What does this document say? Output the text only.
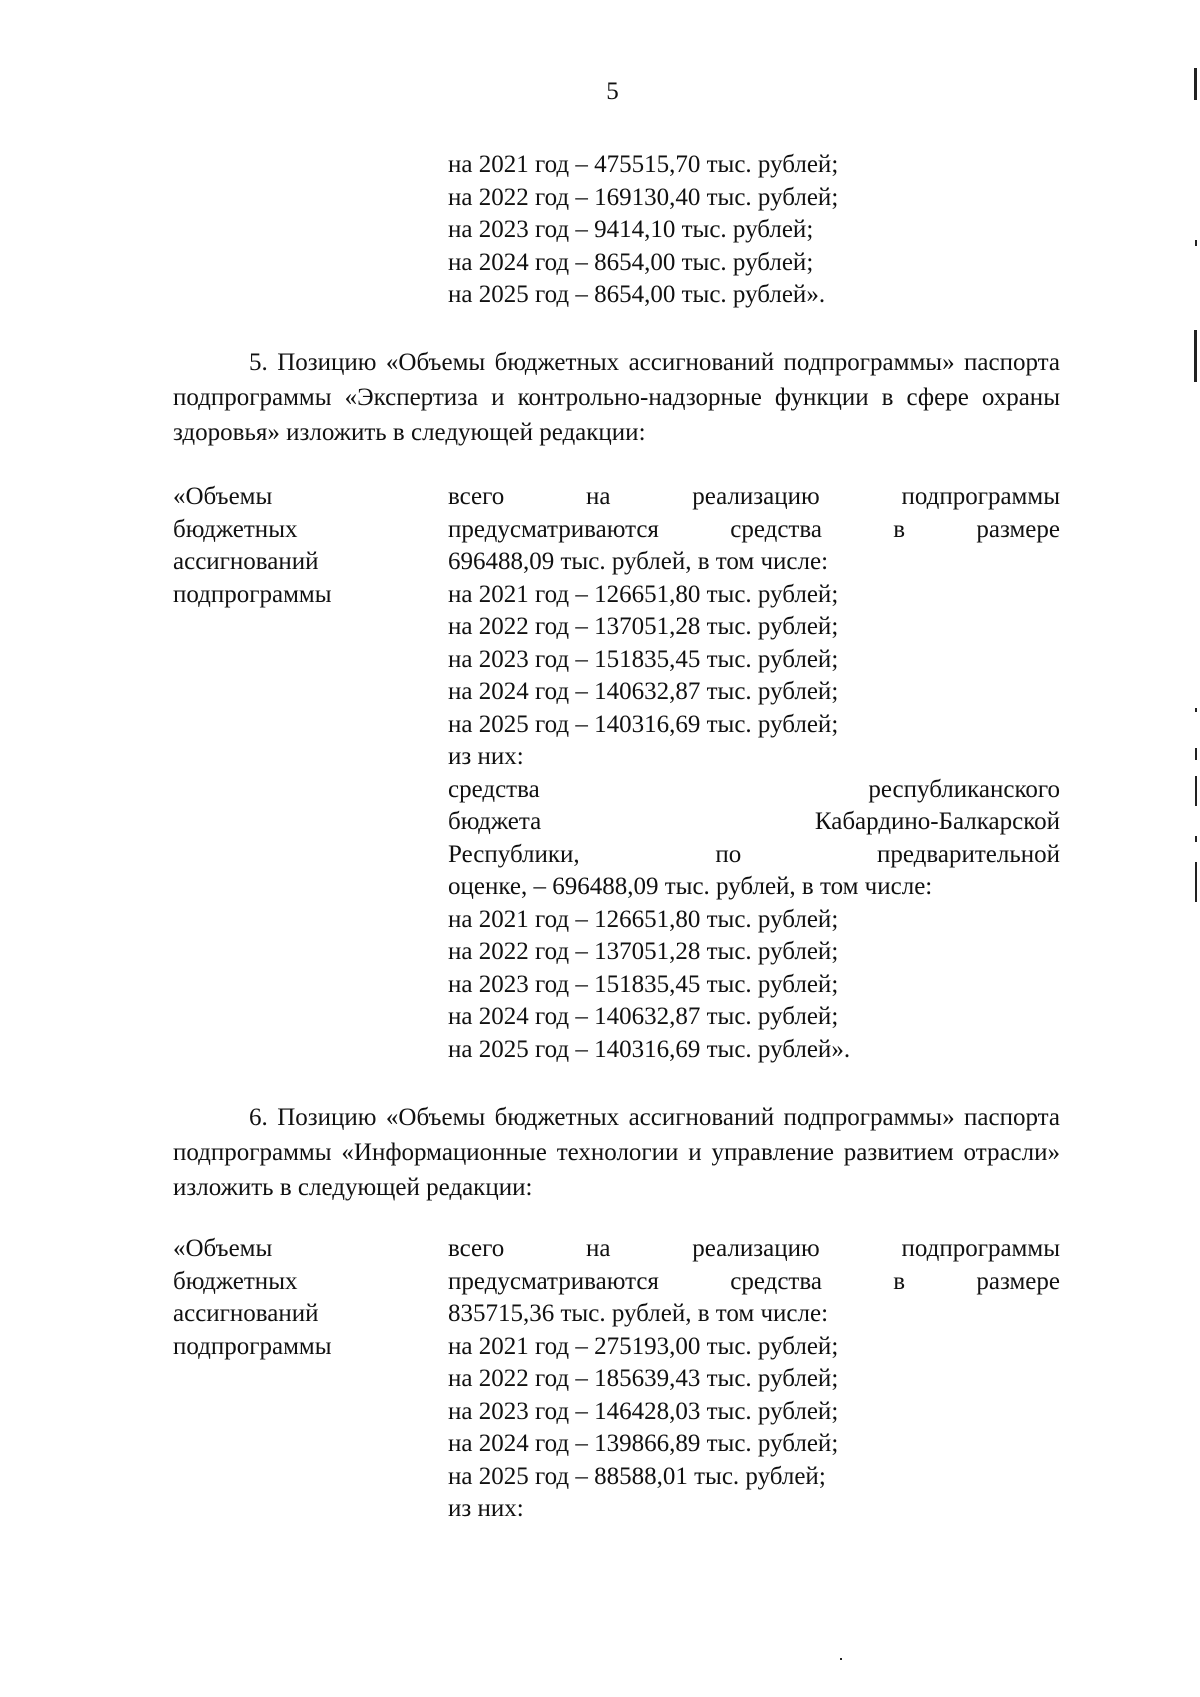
5
на 2021 год – 475515,70 тыс. рублей;
на 2022 год – 169130,40 тыс. рублей;
на 2023 год – 9414,10 тыс. рублей;
на 2024 год – 8654,00 тыс. рублей;
на 2025 год – 8654,00 тыс. рублей».

5. Позицию «Объемы бюджетных ассигнований подпрограммы» паспорта подпрограммы «Экспертиза и контрольно-надзорные функции в сфере охраны здоровья» изложить в следующей редакции:

«Объемы
бюджетных
ассигнований
подпрограммы
всего на реализацию подпрограммы
предусматриваются средства в размере
696488,09 тыс. рублей, в том числе:
на 2021 год – 126651,80 тыс. рублей;
на 2022 год – 137051,28 тыс. рублей;
на 2023 год – 151835,45 тыс. рублей;
на 2024 год – 140632,87 тыс. рублей;
на 2025 год – 140316,69 тыс. рублей;
из них:
средства республиканского
бюджета Кабардино-Балкарской
Республики, по предварительной
оценке, – 696488,09 тыс. рублей, в том числе:
на 2021 год – 126651,80 тыс. рублей;
на 2022 год – 137051,28 тыс. рублей;
на 2023 год – 151835,45 тыс. рублей;
на 2024 год – 140632,87 тыс. рублей;
на 2025 год – 140316,69 тыс. рублей».

6. Позицию «Объемы бюджетных ассигнований подпрограммы» паспорта подпрограммы «Информационные технологии и управление развитием отрасли» изложить в следующей редакции:

«Объемы
бюджетных
ассигнований
подпрограммы
всего на реализацию подпрограммы
предусматриваются средства в размере
835715,36 тыс. рублей, в том числе:
на 2021 год – 275193,00 тыс. рублей;
на 2022 год – 185639,43 тыс. рублей;
на 2023 год – 146428,03 тыс. рублей;
на 2024 год – 139866,89 тыс. рублей;
на 2025 год – 88588,01 тыс. рублей;
из них:
